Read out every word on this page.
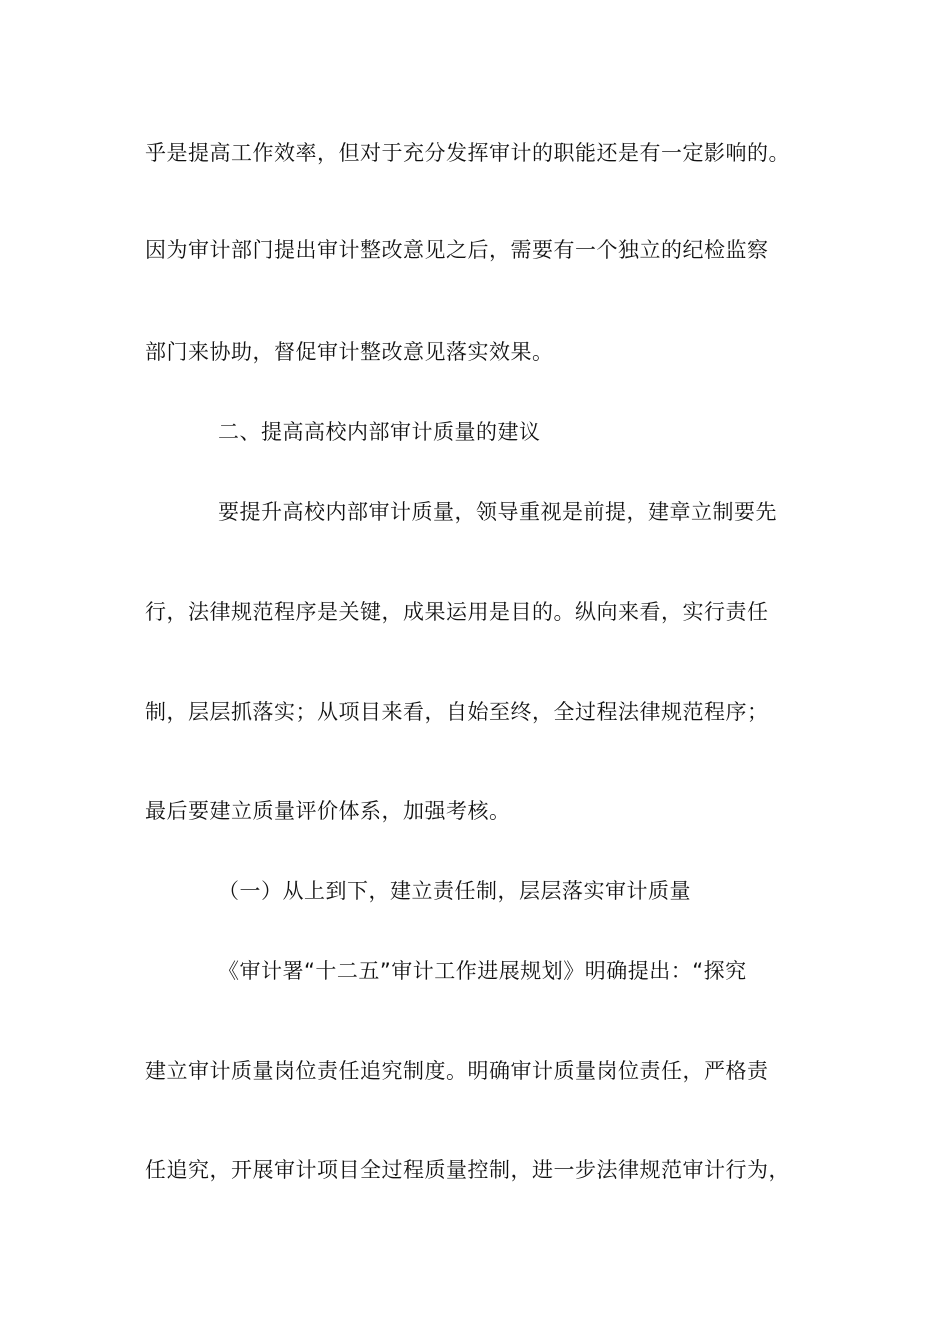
乎是提高工作效率，但对于充分发挥审计的职能还是有一定影响的。
因为审计部门提出审计整改意见之后，需要有一个独立的纪检监察
部门来协助，督促审计整改意见落实效果。
二、提高高校内部审计质量的建议
要提升高校内部审计质量，领导重视是前提，建章立制要先
行，法律规范程序是关键，成果运用是目的。纵向来看，实行责任
制，层层抓落实；从项目来看，自始至终，全过程法律规范程序；
最后要建立质量评价体系，加强考核。
（一）从上到下，建立责任制，层层落实审计质量
《审计署“十二五”审计工作进展规划》明确提出：“探究
建立审计质量岗位责任追究制度。明确审计质量岗位责任，严格责
任追究，开展审计项目全过程质量控制，进一步法律规范审计行为，
